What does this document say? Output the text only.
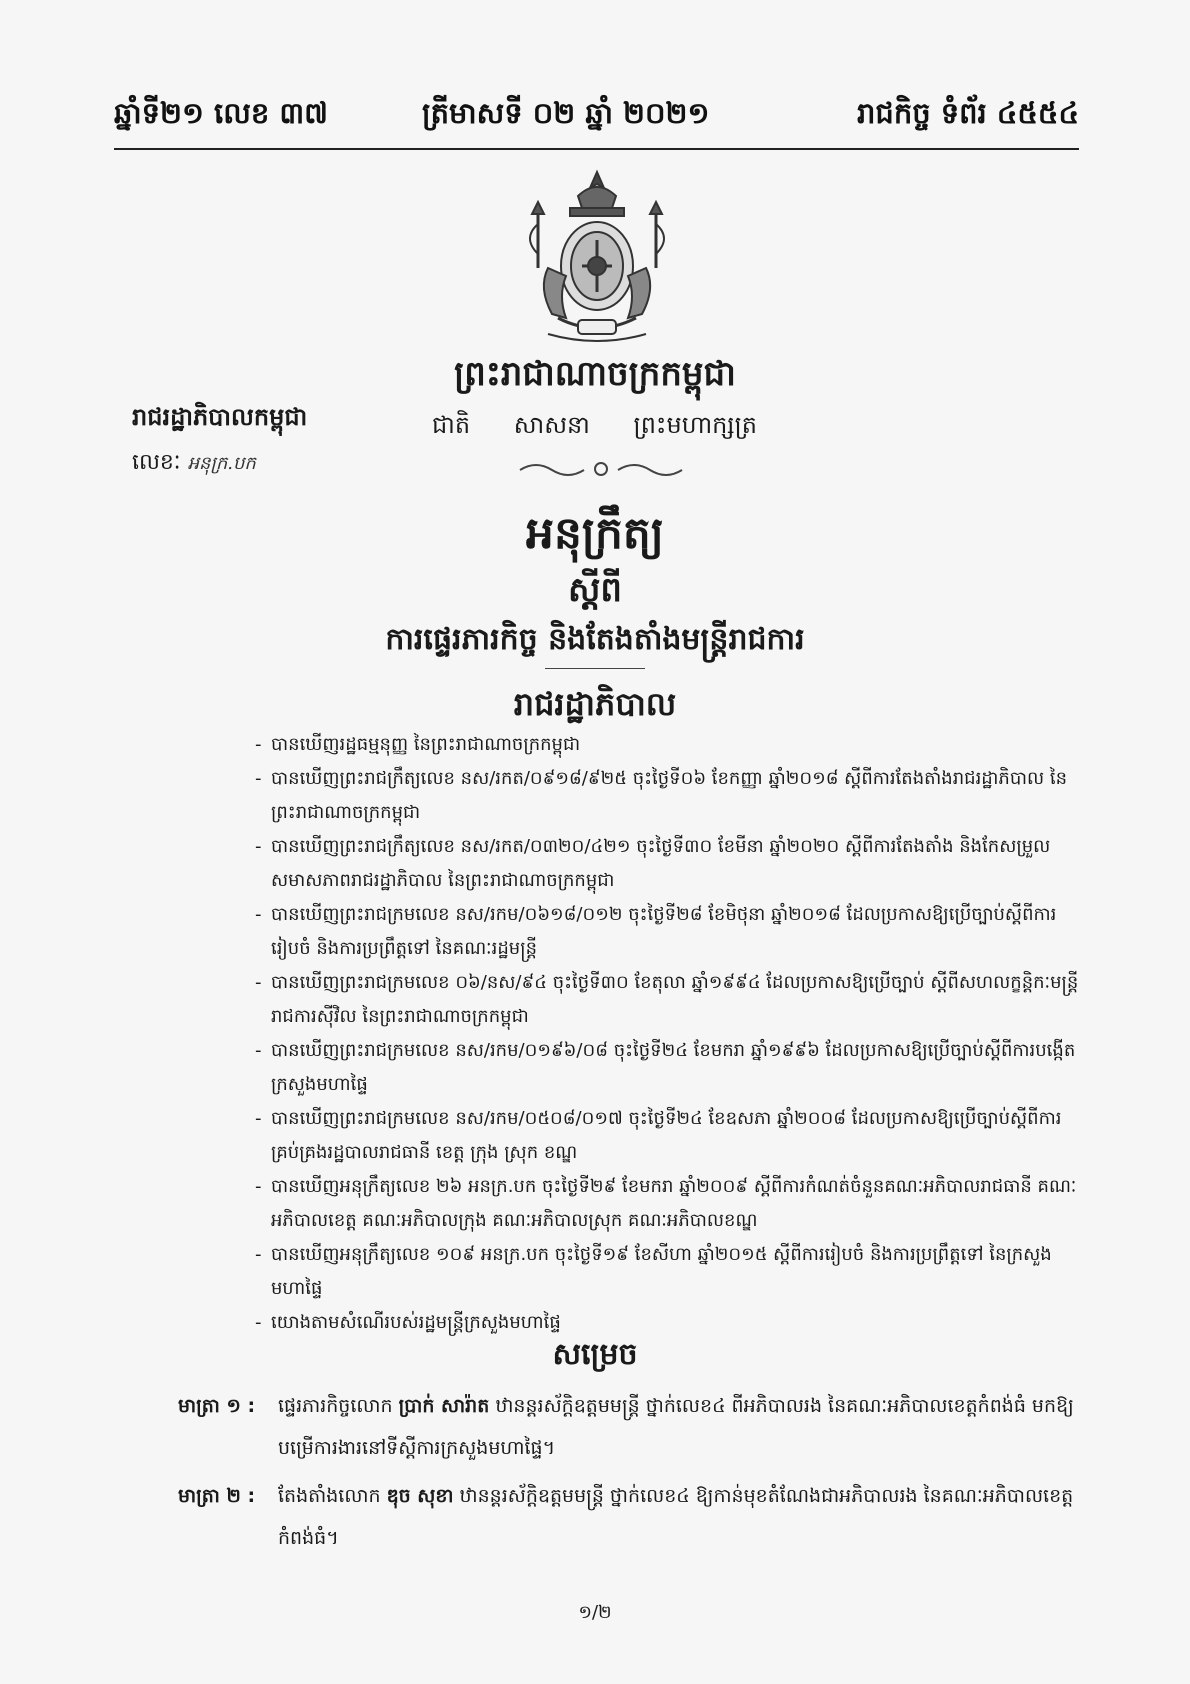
ឆ្នាំទី២១ លេខ ៣៧	ត្រីមាសទី ០២ ឆ្នាំ ២០២១	រាជកិច្ច ទំព័រ ៤៥៥៤
ព្រះរាជាណាចក្រកម្ពុជា
ជាតិ សាសនា ព្រះមហាក្សត្រ
រាជរដ្ឋាភិបាលកម្ពុជា
លេខៈ អនុក្រ.បក
អនុក្រឹត្យ
ស្តីពី
ការផ្ទេរភារកិច្ច និងតែងតាំងមន្ត្រីរាជការ
រាជរដ្ឋាភិបាល
- បានឃើញរដ្ឋធម្មនុញ្ញ នៃព្រះរាជាណាចក្រកម្ពុជា
- បានឃើញព្រះរាជក្រឹត្យលេខ នស/រកត/០៩១៨/៩២៥ ចុះថ្ងៃទី០៦ ខែកញ្ញា ឆ្នាំ២០១៨ ស្តីពីការតែងតាំងរាជរដ្ឋាភិបាល នៃព្រះរាជាណាចក្រកម្ពុជា
- បានឃើញព្រះរាជក្រឹត្យលេខ នស/រកត/០៣២០/៤២១ ចុះថ្ងៃទី៣០ ខែមីនា ឆ្នាំ២០២០ ស្តីពីការតែងតាំង និងកែសម្រួលសមាសភាពរាជរដ្ឋាភិបាល នៃព្រះរាជាណាចក្រកម្ពុជា
- បានឃើញព្រះរាជក្រមលេខ នស/រកម/០៦១៨/០១២ ចុះថ្ងៃទី២៨ ខែមិថុនា ឆ្នាំ២០១៨ ដែលប្រកាសឱ្យប្រើច្បាប់ស្តីពីការរៀបចំ និងការប្រព្រឹត្តទៅ នៃគណៈរដ្ឋមន្ត្រី
- បានឃើញព្រះរាជក្រមលេខ ០៦/នស/៩៤ ចុះថ្ងៃទី៣០ ខែតុលា ឆ្នាំ១៩៩៤ ដែលប្រកាសឱ្យប្រើច្បាប់ ស្តីពីសហលក្ខន្តិកៈមន្ត្រីរាជការស៊ីវិល នៃព្រះរាជាណាចក្រកម្ពុជា
- បានឃើញព្រះរាជក្រមលេខ នស/រកម/០១៩៦/០៨ ចុះថ្ងៃទី២៤ ខែមករា ឆ្នាំ១៩៩៦ ដែលប្រកាសឱ្យប្រើច្បាប់ស្តីពីការបង្កើតក្រសួងមហាផ្ទៃ
- បានឃើញព្រះរាជក្រមលេខ នស/រកម/០៥០៨/០១៧ ចុះថ្ងៃទី២៤ ខែឧសភា ឆ្នាំ២០០៨ ដែលប្រកាសឱ្យប្រើច្បាប់ស្តីពីការគ្រប់គ្រងរដ្ឋបាលរាជធានី ខេត្ត ក្រុង ស្រុក ខណ្ឌ
- បានឃើញអនុក្រឹត្យលេខ ២៦ អនក្រ.បក ចុះថ្ងៃទី២៩ ខែមករា ឆ្នាំ២០០៩ ស្តីពីការកំណត់ចំនួនគណៈអភិបាលរាជធានី គណៈអភិបាលខេត្ត គណៈអភិបាលក្រុង គណៈអភិបាលស្រុក គណៈអភិបាលខណ្ឌ
- បានឃើញអនុក្រឹត្យលេខ ១០៩ អនក្រ.បក ចុះថ្ងៃទី១៩ ខែសីហា ឆ្នាំ២០១៥ ស្តីពីការរៀបចំ និងការប្រព្រឹត្តទៅ នៃក្រសួងមហាផ្ទៃ
- យោងតាមសំណើរបស់រដ្ឋមន្ត្រីក្រសួងមហាផ្ទៃ
សម្រេច
មាត្រា ១ : ផ្ទេរភារកិច្ចលោក ប្រាក់ សារ៉ាត ឋានន្តរស័ក្តិឧត្តមមន្ត្រី ថ្នាក់លេខ៤ ពីអភិបាលរង នៃគណៈអភិបាលខេត្តកំពង់ធំ មកឱ្យបម្រើការងារនៅទីស្តីការក្រសួងមហាផ្ទៃ។
មាត្រា ២ : តែងតាំងលោក ឌុច សុខា ឋានន្តរស័ក្តិឧត្តមមន្ត្រី ថ្នាក់លេខ៤ ឱ្យកាន់មុខតំណែងជាអភិបាលរង នៃគណៈអភិបាលខេត្តកំពង់ធំ។
១/២
